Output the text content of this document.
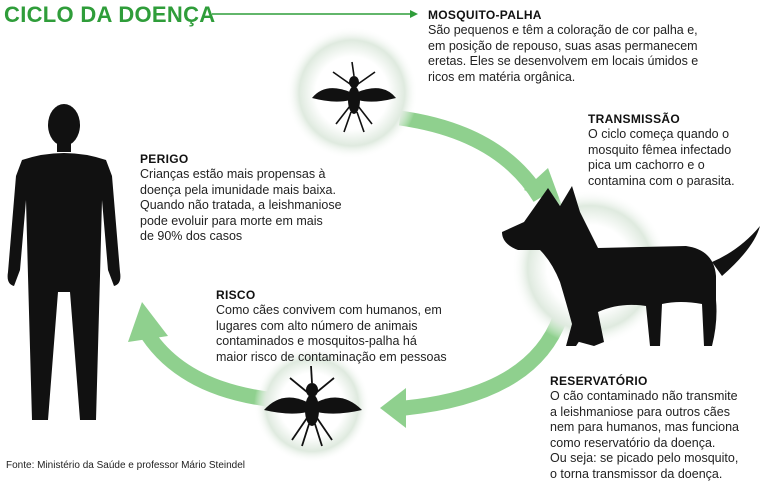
CICLO DA DOENÇA	MOSQUITO-PALHA
São pequenos e têm a coloração de cor palha e,
em posição de repouso, suas asas permanecem
eretas. Eles se desenvolvem em locais úmidos e
ricos em matéria orgânica.
TRANSMISSÃO
O ciclo começa quando o
mosquito fêmea infectado
pica um cachorro e o
contamina com o parasita.
PERIGO
Crianças estão mais propensas à
doença pela imunidade mais baixa.
Quando não tratada, a leishmaniose
pode evoluir para morte em mais
de 90% dos casos
RISCO
Como cães convivem com humanos, em
lugares com alto número de animais
contaminados e mosquitos-palha há
maior risco de contaminação em pessoas
RESERVATÓRIO
O cão contaminado não transmite
a leishmaniose para outros cães
nem para humanos, mas funciona
como reservatório da doença.
Ou seja: se picado pelo mosquito,
o torna transmissor da doença.
Fonte: Ministério da Saúde e professor Mário Steindel
